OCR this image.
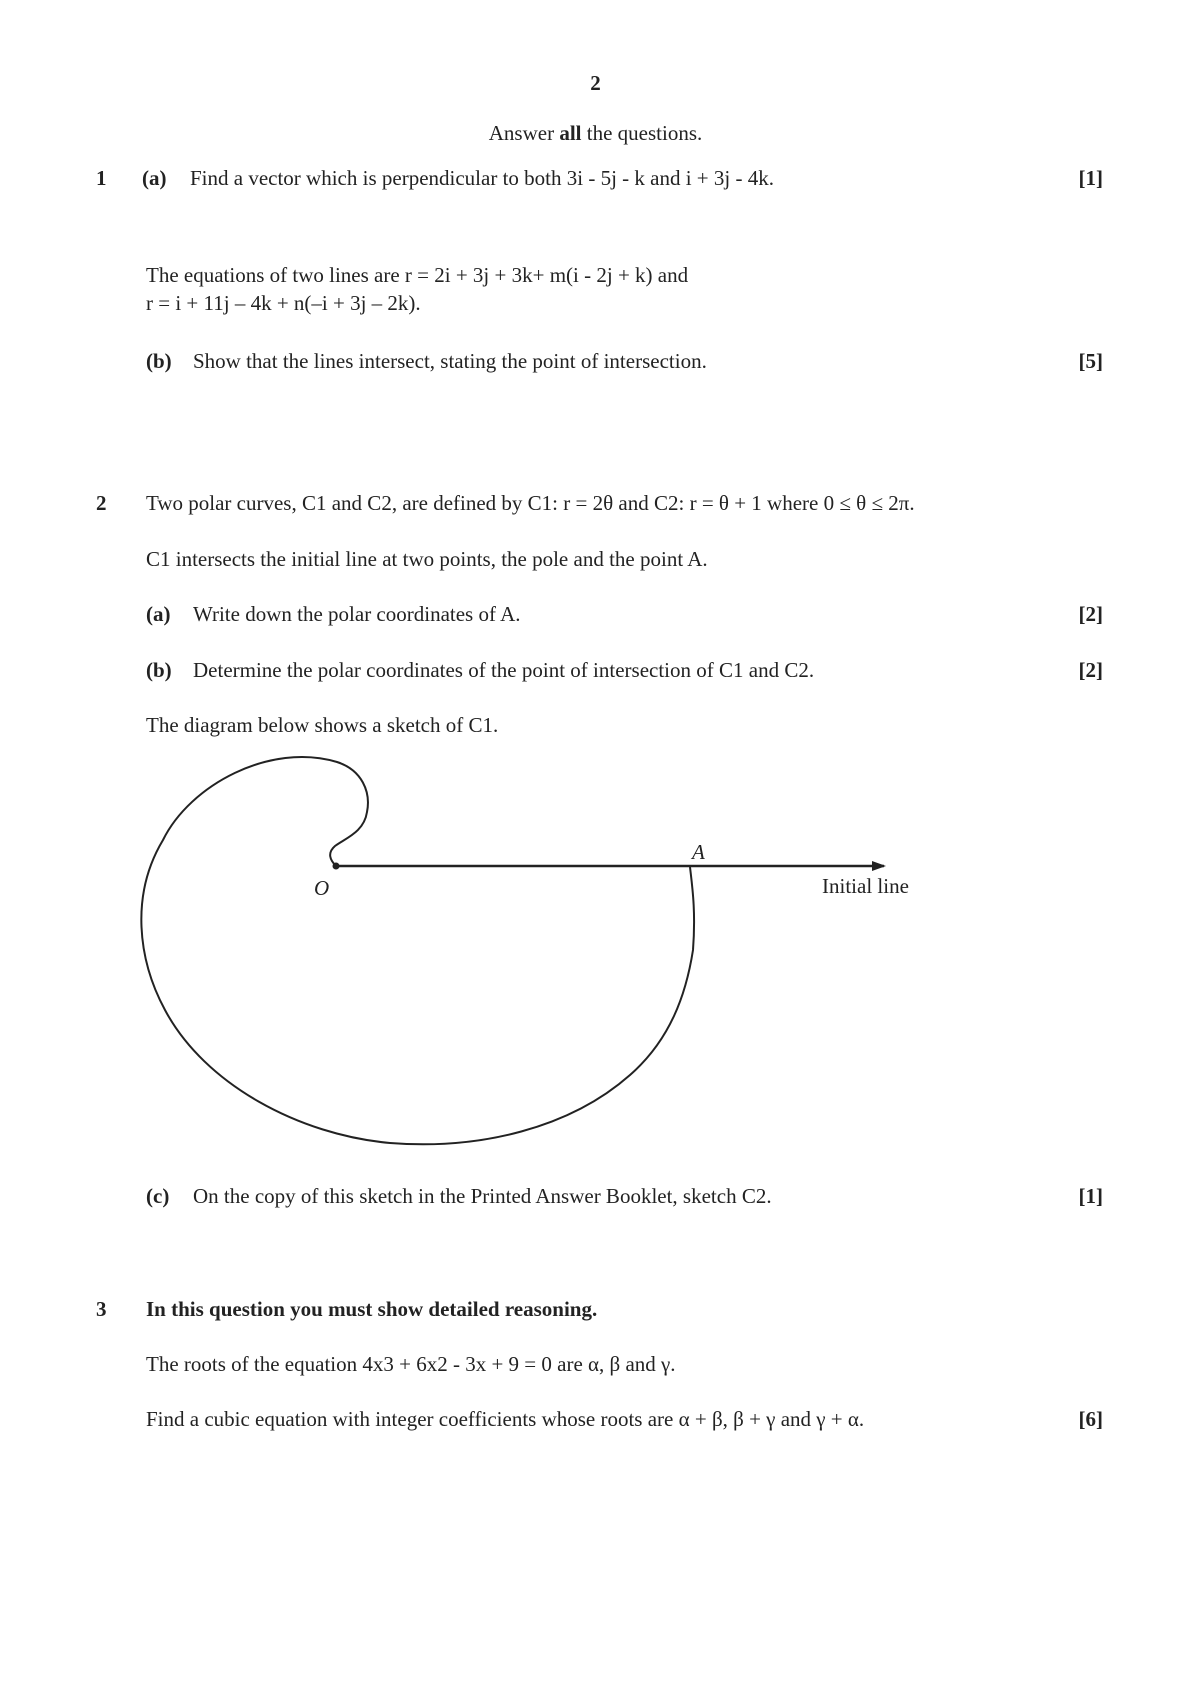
2
Answer all the questions.
1 (a) Find a vector which is perpendicular to both 3i - 5j - k and i + 3j - 4k.	[1]
The equations of two lines are r = 2i + 3j + 3k+ m(i - 2j + k) and
r = i + 11j – 4k + n(–i + 3j – 2k).
(b) Show that the lines intersect, stating the point of intersection.	[5]
2 Two polar curves, C1 and C2, are defined by C1: r = 2θ and C2: r = θ + 1 where 0 ≤ θ ≤ 2π.
C1 intersects the initial line at two points, the pole and the point A.
(a) Write down the polar coordinates of A.	[2]
(b) Determine the polar coordinates of the point of intersection of C1 and C2.	[2]
The diagram below shows a sketch of C1.
A
O	Initial line
(c) On the copy of this sketch in the Printed Answer Booklet, sketch C2.	[1]
3 In this question you must show detailed reasoning.
The roots of the equation 4x3 + 6x2 - 3x + 9 = 0 are α, β and γ.
Find a cubic equation with integer coefficients whose roots are α + β, β + γ and γ + α.	[6]
